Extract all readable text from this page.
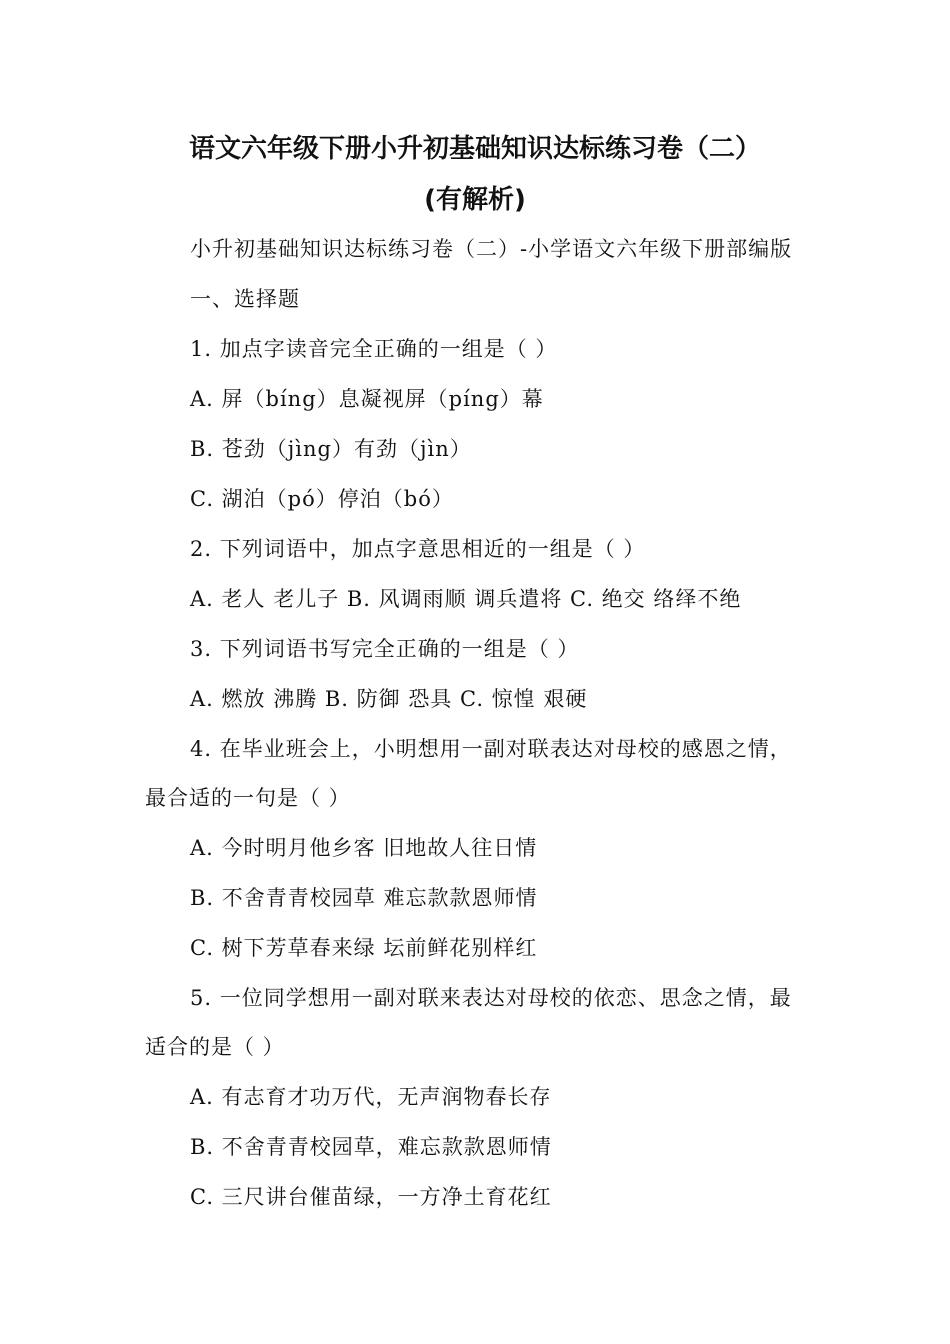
语文六年级下册小升初基础知识达标练习卷（二）
(有解析)
小升初基础知识达标练习卷（二）-小学语文六年级下册部编版
一、选择题
1. 加点字读音完全正确的一组是（ ）
A. 屏（bíng）息凝视屏（píng）幕
B. 苍劲（jìng）有劲（jìn）
C. 湖泊（pó）停泊（bó）
2. 下列词语中，加点字意思相近的一组是（ ）
A. 老人 老儿子 B. 风调雨顺 调兵遣将 C. 绝交 络绎不绝
3. 下列词语书写完全正确的一组是（ ）
A. 燃放 沸腾 B. 防御 恐具 C. 惊惶 艰硬
4. 在毕业班会上，小明想用一副对联表达对母校的感恩之情，
最合适的一句是（ ）
A. 今时明月他乡客 旧地故人往日情
B. 不舍青青校园草 难忘款款恩师情
C. 树下芳草春来绿 坛前鲜花别样红
5. 一位同学想用一副对联来表达对母校的依恋、思念之情，最
适合的是（ ）
A. 有志育才功万代，无声润物春长存
B. 不舍青青校园草，难忘款款恩师情
C. 三尺讲台催苗绿，一方净土育花红
